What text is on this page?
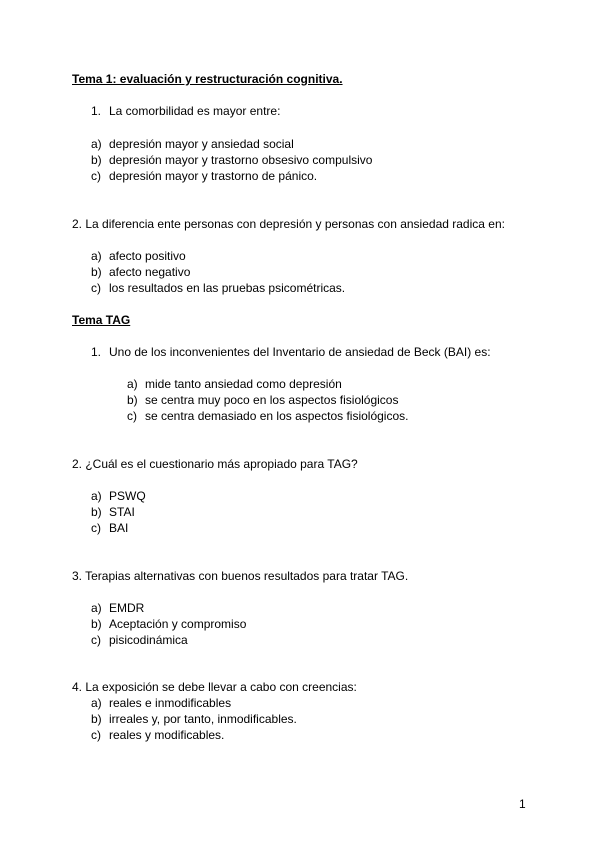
Tema 1: evaluación y restructuración cognitiva.
1. La comorbilidad es mayor entre:
a) depresión mayor y ansiedad social
b) depresión mayor y trastorno obsesivo compulsivo
c) depresión mayor y trastorno de pánico.
2. La diferencia ente personas con depresión y personas con ansiedad radica en:
a) afecto positivo
b) afecto negativo
c) los resultados en las pruebas psicométricas.
Tema TAG
1. Uno de los inconvenientes del Inventario de ansiedad de Beck (BAI) es:
a) mide tanto ansiedad como depresión
b) se centra muy poco en los aspectos fisiológicos
c) se centra demasiado en los aspectos fisiológicos.
2. ¿Cuál es el cuestionario más apropiado para TAG?
a) PSWQ
b) STAI
c) BAI
3. Terapias alternativas con buenos resultados para tratar TAG.
a) EMDR
b) Aceptación y compromiso
c) pisicodinámica
4. La exposición se debe llevar a cabo con creencias:
a) reales e inmodificables
b) irreales y, por tanto, inmodificables.
c) reales y modificables.
1
